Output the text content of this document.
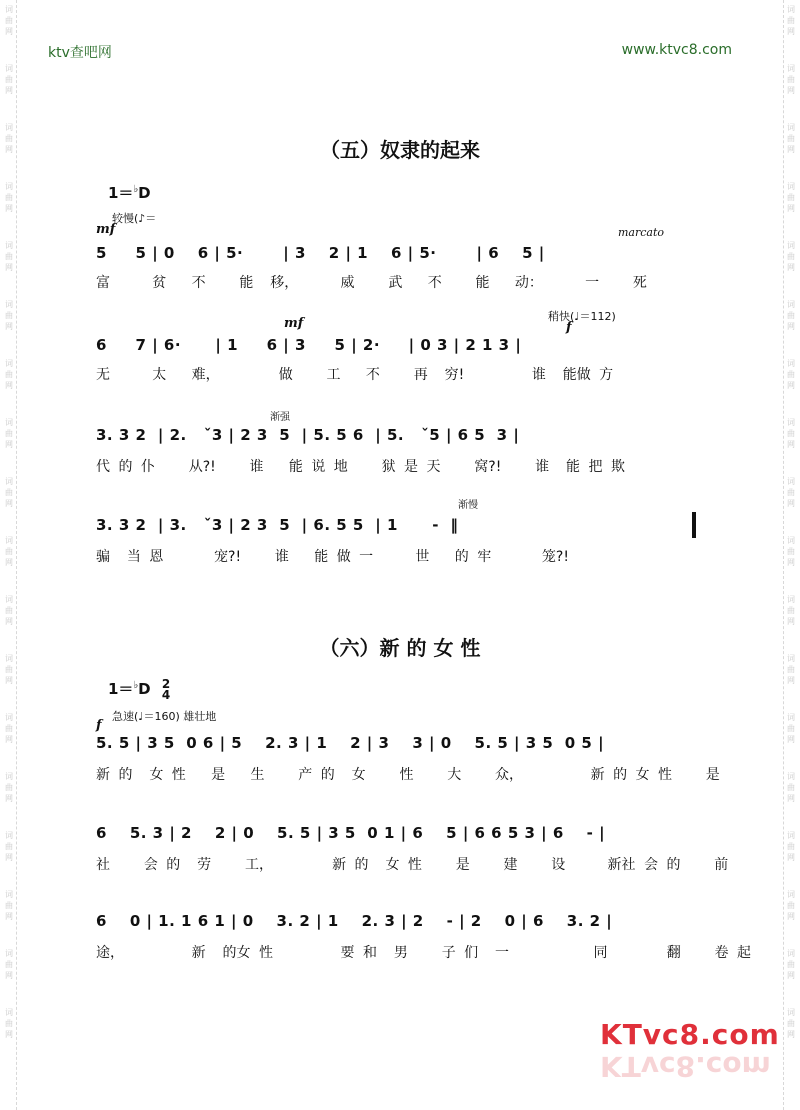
词
曲
网
词
曲
网
词
曲
网
词
曲
网
词
曲
网
词
曲
网
词
曲
网
词
曲
网
词
曲
网
词
曲
网
词
曲
网
词
曲
网
词
曲
网
词
曲
网
词
曲
网
词
曲
网
词
曲
网
词
曲
网
词
曲
网
词
曲
网
词
曲
网
词
曲
网
词
曲
网
词
曲
网
词
曲
网
词
曲
网
词
曲
网
词
曲
网
词
曲
网
词
曲
网
词
曲
网
词
曲
网
词
曲
网
词
曲
网
词
曲
网
词
曲
网
ktv查吧网	www.ktvc8.com
（五）奴隶的起来
1＝♭D
mf
较慢(♪＝
marcato
5     5 | 0    6 | 5·       | 3    2 | 1    6 | 5·       | 6    5 |
富     贫   不    能  移，     威    武   不    能   动：     一    死
mf	稍快(♩＝112)
f
6     7 | 6·      | 1     6 | 3     5 | 2·     | 0 3 | 2 1 3 |
无     太   难，       做    工   不    再  穷!        谁  能做 方
渐强
3. 3 2  | 2.   ˇ3 | 2 3  5  | 5. 5 6  | 5.   ˇ5 | 6 5  3 |
代 的 仆    从?!    谁   能 说 地    狱 是 天    窝?!    谁  能 把 欺
渐慢
3. 3 2  | 3.   ˇ3 | 2 3  5  | 6. 5 5  | 1      -  ‖
骗  当 恩      宠?!    谁   能 做 一     世   的 牢      笼?!
（六）新 的 女 性
1＝♭D 2
4
f
急速(♩＝160) 雄壮地
5. 5 | 3 5  0 6 | 5    2. 3 | 1    2 | 3    3 | 0    5. 5 | 3 5  0 5 |
新 的  女 性   是   生    产 的  女    性    大    众，        新 的 女 性    是
6    5. 3 | 2    2 | 0    5. 5 | 3 5  0 1 | 6    5 | 6 6 5 3 | 6    - |
社    会 的  劳    工，       新 的  女 性    是    建    设     新社 会 的    前
6    0 | 1. 1 6 1 | 0    3. 2 | 1    2. 3 | 2    - | 2    0 | 6    3. 2 |
途，        新  的女 性        要 和  男    子 们  一          同       翻    卷 起
KTvc8.com
KTvc8.com
